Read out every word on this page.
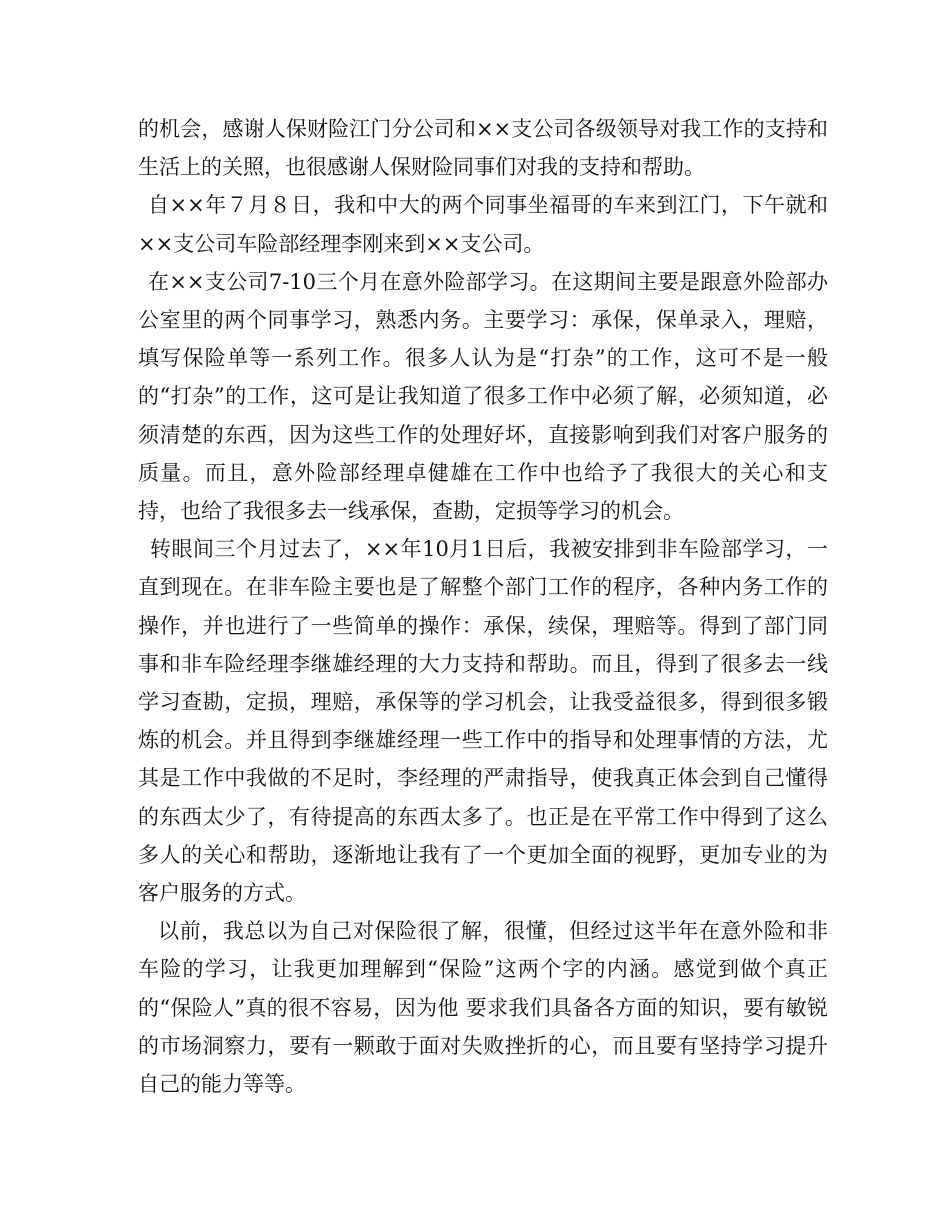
的机会，感谢人保财险江门分公司和××支公司各级领导对我工作的支持和生活上的关照，也很感谢人保财险同事们对我的支持和帮助。

自××年７月８日，我和中大的两个同事坐福哥的车来到江门，下午就和××支公司车险部经理李刚来到××支公司。

在××支公司7-10三个月在意外险部学习。在这期间主要是跟意外险部办公室里的两个同事学习，熟悉内务。主要学习：承保，保单录入，理赔，填写保险单等一系列工作。很多人认为是“打杂”的工作，这可不是一般的“打杂”的工作，这可是让我知道了很多工作中必须了解，必须知道，必须清楚的东西，因为这些工作的处理好坏，直接影响到我们对客户服务的质量。而且，意外险部经理卓健雄在工作中也给予了我很大的关心和支持，也给了我很多去一线承保，查勘，定损等学习的机会。

转眼间三个月过去了，××年10月1日后，我被安排到非车险部学习，一直到现在。在非车险主要也是了解整个部门工作的程序，各种内务工作的操作，并也进行了一些简单的操作：承保，续保，理赔等。得到了部门同事和非车险经理李继雄经理的大力支持和帮助。而且，得到了很多去一线学习查勘，定损，理赔，承保等的学习机会，让我受益很多，得到很多锻炼的机会。并且得到李继雄经理一些工作中的指导和处理事情的方法，尤其是工作中我做的不足时，李经理的严肃指导，使我真正体会到自己懂得的东西太少了，有待提高的东西太多了。也正是在平常工作中得到了这么多人的关心和帮助，逐渐地让我有了一个更加全面的视野，更加专业的为客户服务的方式。

以前，我总以为自己对保险很了解，很懂，但经过这半年在意外险和非车险的学习，让我更加理解到“保险”这两个字的内涵。感觉到做个真正的“保险人”真的很不容易，因为他 要求我们具备各方面的知识，要有敏锐的市场洞察力，要有一颗敢于面对失败挫折的心，而且要有坚持学习提升自己的能力等等。
